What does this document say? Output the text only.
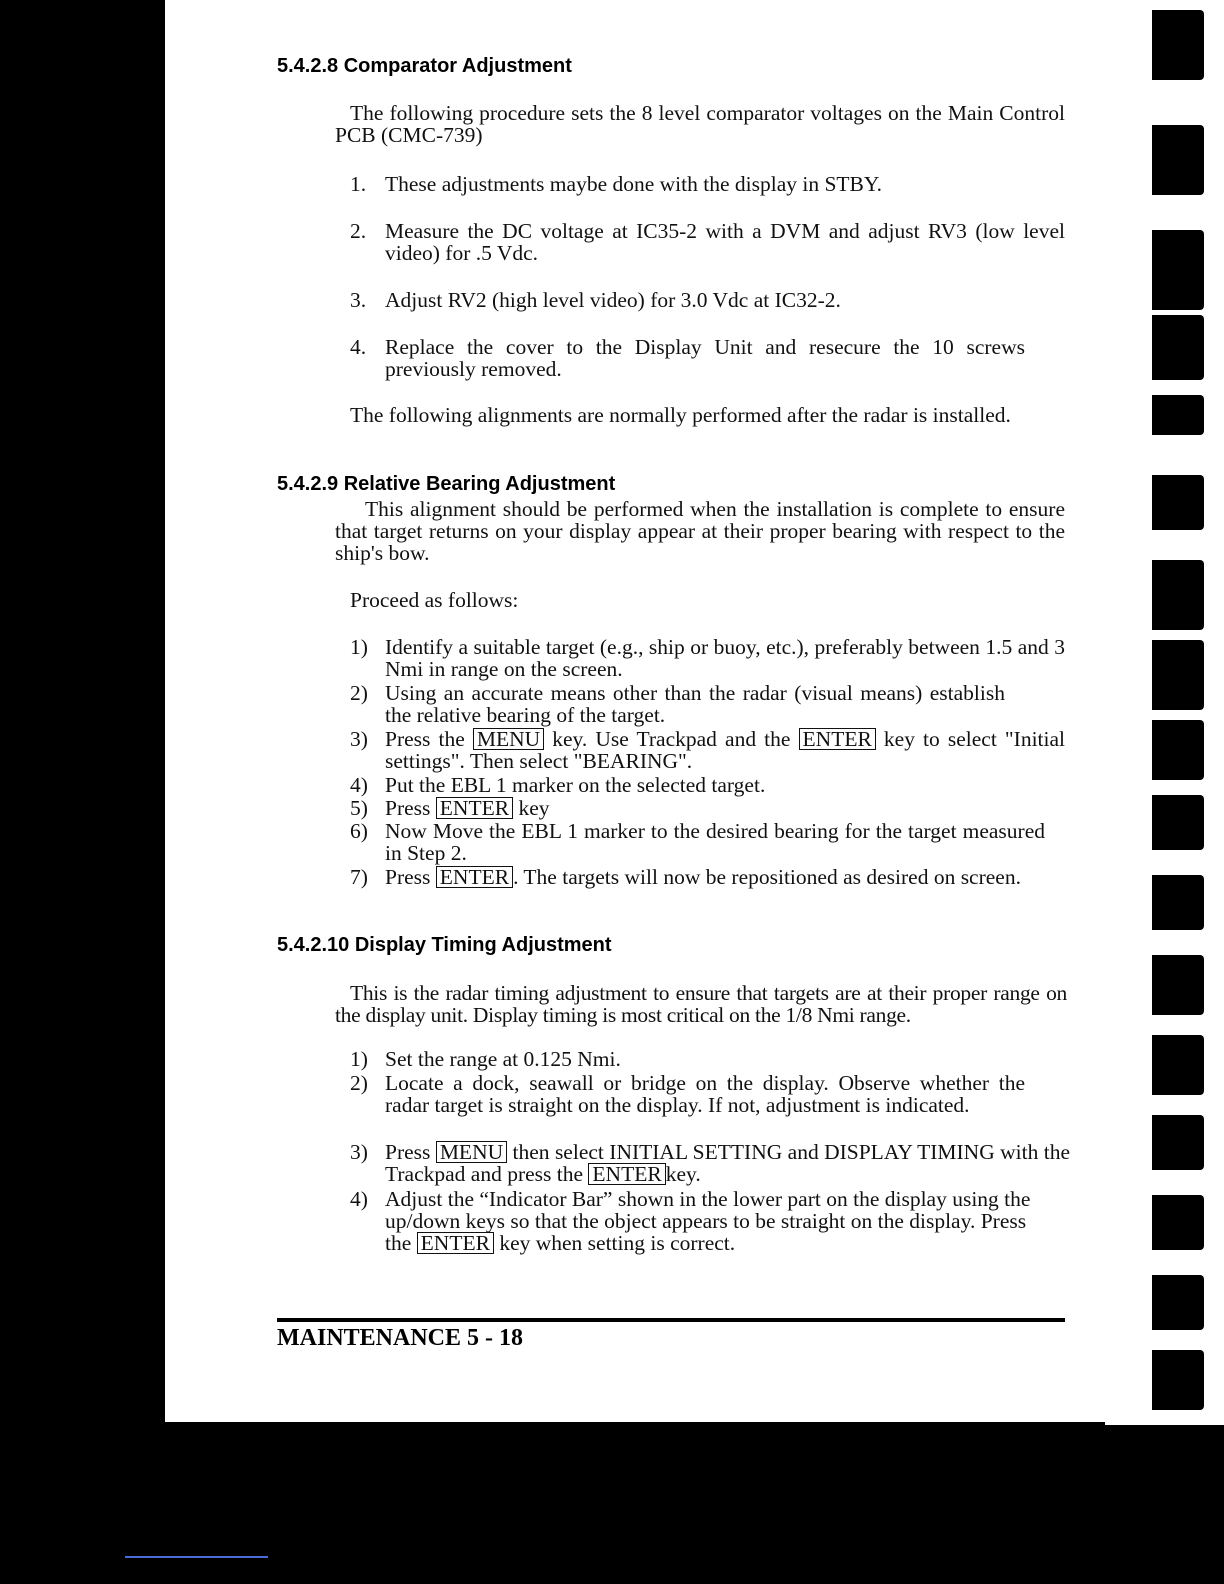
5.4.2.8 Comparator Adjustment

The following procedure sets the 8 level comparator voltages on the Main Control PCB (CMC-739)

1. These adjustments maybe done with the display in STBY.
2. Measure the DC voltage at IC35-2 with a DVM and adjust RV3 (low level video) for .5 Vdc.
3. Adjust RV2 (high level video) for 3.0 Vdc at IC32-2.
4. Replace the cover to the Display Unit and resecure the 10 screws previously removed.

The following alignments are normally performed after the radar is installed.

5.4.2.9 Relative Bearing Adjustment

This alignment should be performed when the installation is complete to ensure that target returns on your display appear at their proper bearing with respect to the ship's bow.

Proceed as follows:

1) Identify a suitable target (e.g., ship or buoy, etc.), preferably between 1.5 and 3 Nmi in range on the screen.
2) Using an accurate means other than the radar (visual means) establish the relative bearing of the target.
3) Press the MENU key. Use Trackpad and the ENTER key to select "Initial settings". Then select "BEARING".
4) Put the EBL 1 marker on the selected target.
5) Press ENTER key
6) Now Move the EBL 1 marker to the desired bearing for the target measured in Step 2.
7) Press ENTER . The targets will now be repositioned as desired on screen.
5.4.2.10 Display Timing Adjustment

This is the radar timing adjustment to ensure that targets are at their proper range on the display unit. Display timing is most critical on the 1/8 Nmi range.

1) Set the range at 0.125 Nmi.
2) Locate a dock, seawall or bridge on the display. Observe whether the radar target is straight on the display. If not, adjustment is indicated.
3) Press MENU then select INITIAL SETTING and DISPLAY TIMING with the Trackpad and press the ENTER key.
4) Adjust the “Indicator Bar” shown in the lower part on the display using the up/down keys so that the object appears to be straight on the display. Press the ENTER key when setting is correct.
MAINTENANCE 5 - 18
